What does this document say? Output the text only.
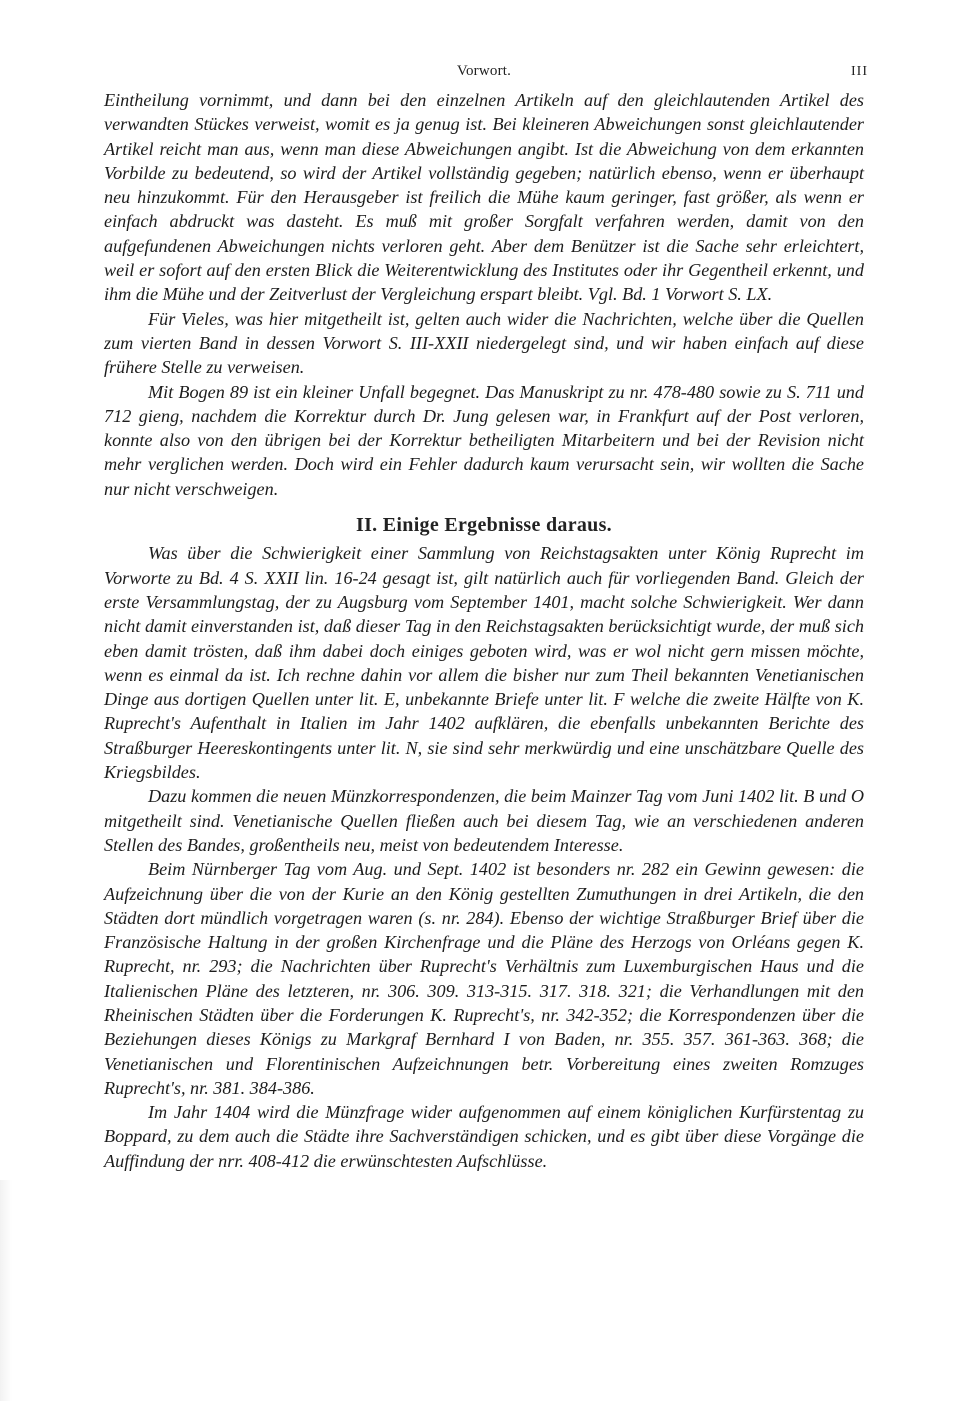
Vorwort.	III

Eintheilung vornimmt, und dann bei den einzelnen Artikeln auf den gleichlautenden Artikel des verwandten Stückes verweist, womit es ja genug ist. Bei kleineren Abweichungen sonst gleichlautender Artikel reicht man aus, wenn man diese Abweichungen angibt. Ist die Abweichung von dem erkannten Vorbilde zu bedeutend, so wird der Artikel vollständig gegeben; natürlich ebenso, wenn er überhaupt neu hinzukommt. Für den Herausgeber ist freilich die Mühe kaum geringer, fast größer, als wenn er einfach abdruckt was dasteht. Es muß mit großer Sorgfalt verfahren werden, damit von den aufgefundenen Abweichungen nichts verloren geht. Aber dem Benützer ist die Sache sehr erleichtert, weil er sofort auf den ersten Blick die Weiterentwicklung des Institutes oder ihr Gegentheil erkennt, und ihm die Mühe und der Zeitverlust der Vergleichung erspart bleibt. Vgl. Bd. 1 Vorwort S. LX.

Für Vieles, was hier mitgetheilt ist, gelten auch wider die Nachrichten, welche über die Quellen zum vierten Band in dessen Vorwort S. III-XXII niedergelegt sind, und wir haben einfach auf diese frühere Stelle zu verweisen.

Mit Bogen 89 ist ein kleiner Unfall begegnet. Das Manuskript zu nr. 478-480 sowie zu S. 711 und 712 gieng, nachdem die Korrektur durch Dr. Jung gelesen war, in Frankfurt auf der Post verloren, konnte also von den übrigen bei der Korrektur betheiligten Mitarbeitern und bei der Revision nicht mehr verglichen werden. Doch wird ein Fehler dadurch kaum verursacht sein, wir wollten die Sache nur nicht verschweigen.

II. Einige Ergebnisse daraus.

Was über die Schwierigkeit einer Sammlung von Reichstagsakten unter König Ruprecht im Vorworte zu Bd. 4 S. XXII lin. 16-24 gesagt ist, gilt natürlich auch für vorliegenden Band. Gleich der erste Versammlungstag, der zu Augsburg vom September 1401, macht solche Schwierigkeit. Wer dann nicht damit einverstanden ist, daß dieser Tag in den Reichstagsakten berücksichtigt wurde, der muß sich eben damit trösten, daß ihm dabei doch einiges geboten wird, was er wol nicht gern missen möchte, wenn es einmal da ist. Ich rechne dahin vor allem die bisher nur zum Theil bekannten Venetianischen Dinge aus dortigen Quellen unter lit. E, unbekannte Briefe unter lit. F welche die zweite Hälfte von K. Ruprecht's Aufenthalt in Italien im Jahr 1402 aufklären, die ebenfalls unbekannten Berichte des Straßburger Heereskontingents unter lit. N, sie sind sehr merkwürdig und eine unschätzbare Quelle des Kriegsbildes.

Dazu kommen die neuen Münzkorrespondenzen, die beim Mainzer Tag vom Juni 1402 lit. B und O mitgetheilt sind. Venetianische Quellen fließen auch bei diesem Tag, wie an verschiedenen anderen Stellen des Bandes, großentheils neu, meist von bedeutendem Interesse.

Beim Nürnberger Tag vom Aug. und Sept. 1402 ist besonders nr. 282 ein Gewinn gewesen: die Aufzeichnung über die von der Kurie an den König gestellten Zumuthungen in drei Artikeln, die den Städten dort mündlich vorgetragen waren (s. nr. 284). Ebenso der wichtige Straßburger Brief über die Französische Haltung in der großen Kirchenfrage und die Pläne des Herzogs von Orléans gegen K. Ruprecht, nr. 293; die Nachrichten über Ruprecht's Verhältnis zum Luxemburgischen Haus und die Italienischen Pläne des letzteren, nr. 306. 309. 313-315. 317. 318. 321; die Verhandlungen mit den Rheinischen Städten über die Forderungen K. Ruprecht's, nr. 342-352; die Korrespondenzen über die Beziehungen dieses Königs zu Markgraf Bernhard I von Baden, nr. 355. 357. 361-363. 368; die Venetianischen und Florentinischen Aufzeichnungen betr. Vorbereitung eines zweiten Romzuges Ruprecht's, nr. 381. 384-386.

Im Jahr 1404 wird die Münzfrage wider aufgenommen auf einem königlichen Kurfürstentag zu Boppard, zu dem auch die Städte ihre Sachverständigen schicken, und es gibt über diese Vorgänge die Auffindung der nrr. 408-412 die erwünschtesten Aufschlüsse.
